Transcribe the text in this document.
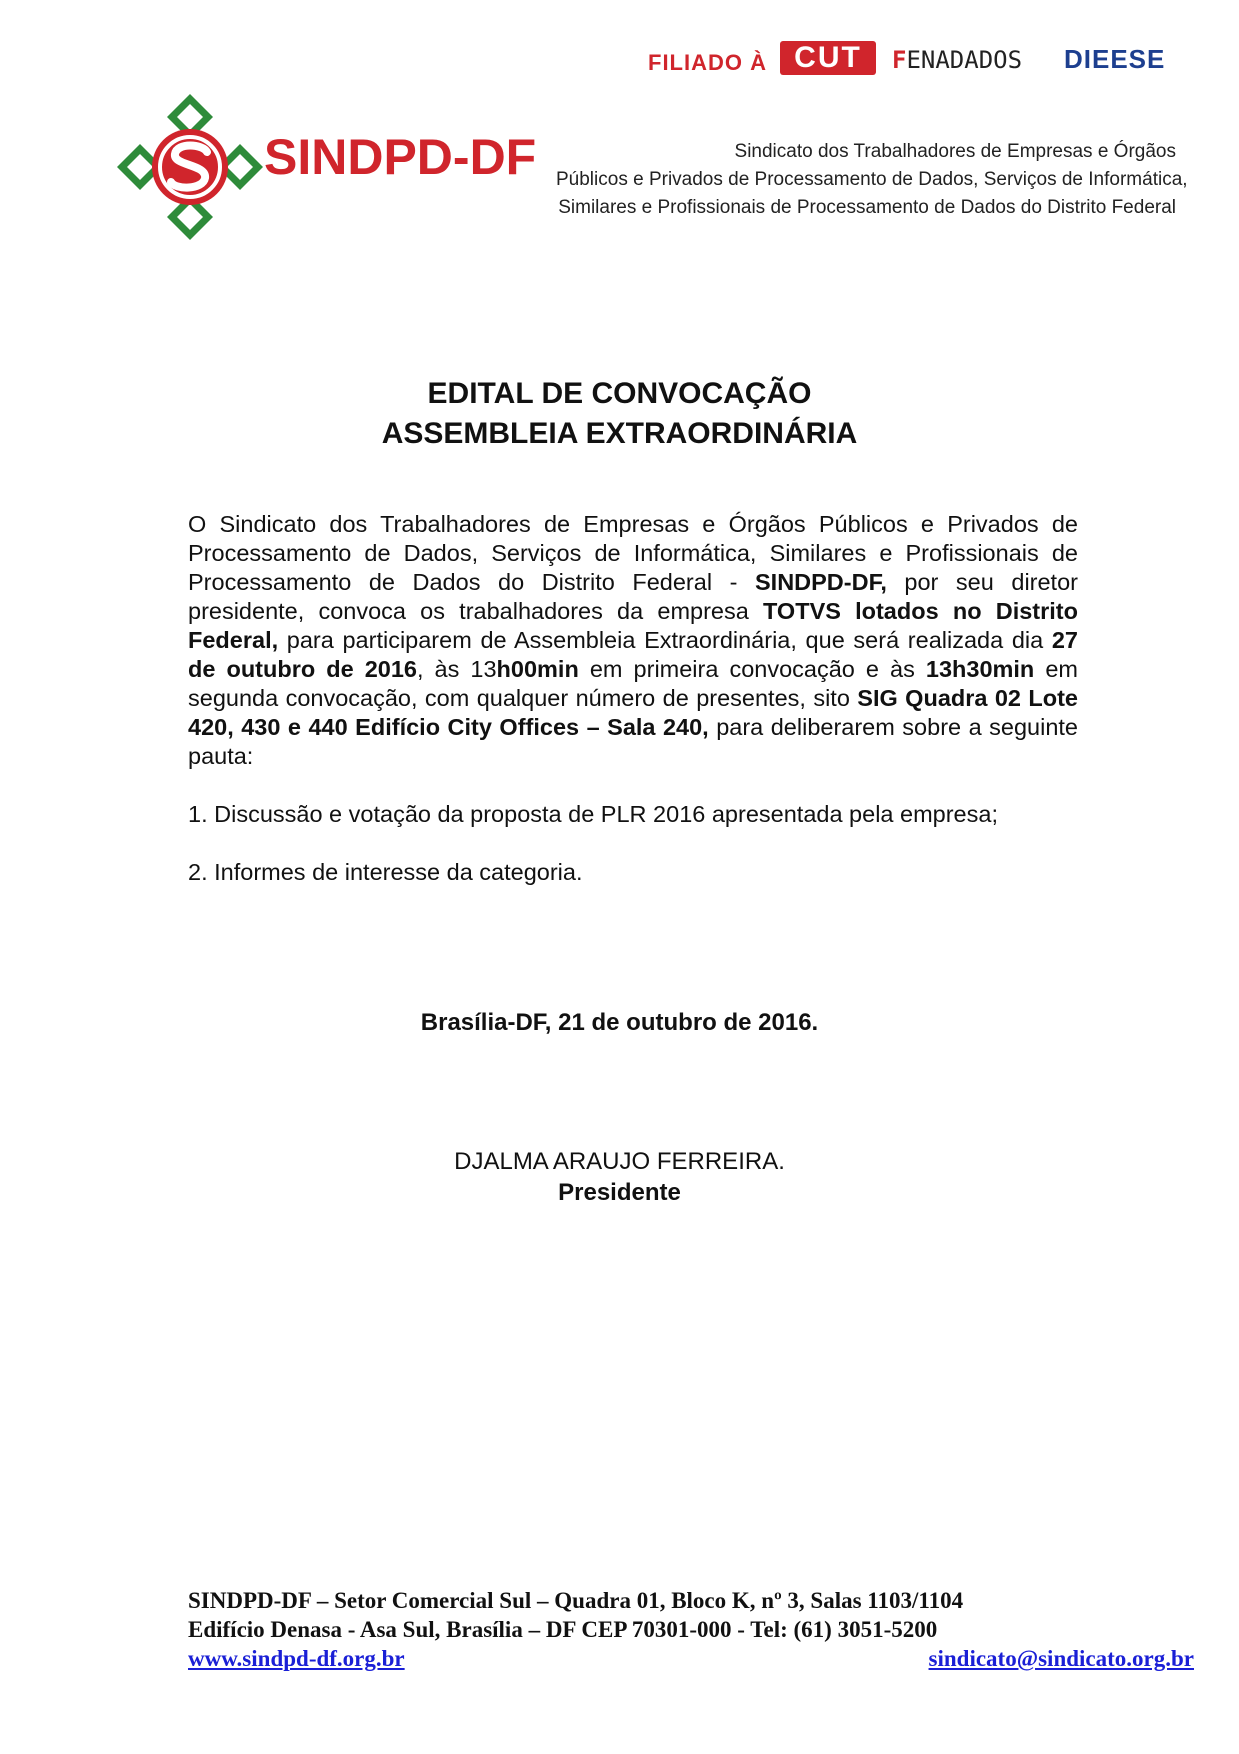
FILIADO À CUT	FENADADOS DIEESE
SINDPD-DF	Sindicato dos Trabalhadores de Empresas e Órgãos
Públicos e Privados de Processamento de Dados, Serviços de Informática,
Similares e Profissionais de Processamento de Dados do Distrito Federal
EDITAL DE CONVOCAÇÃO
ASSEMBLEIA EXTRAORDINÁRIA
O Sindicato dos Trabalhadores de Empresas e Órgãos Públicos e Privados de Processamento de Dados, Serviços de Informática, Similares e Profissionais de Processamento de Dados do Distrito Federal - SINDPD-DF, por seu diretor presidente, convoca os trabalhadores da empresa TOTVS lotados no Distrito Federal, para participarem de Assembleia Extraordinária, que será realizada dia 27 de outubro de 2016, às 13h00min em primeira convocação e às 13h30min em segunda convocação, com qualquer número de presentes, sito SIG Quadra 02 Lote 420, 430 e 440 Edifício City Offices – Sala 240, para deliberarem sobre a seguinte pauta:
1. Discussão e votação da proposta de PLR 2016 apresentada pela empresa;
2. Informes de interesse da categoria.
Brasília-DF, 21 de outubro de 2016.
DJALMA ARAUJO FERREIRA.
Presidente
SINDPD-DF – Setor Comercial Sul – Quadra 01, Bloco K, nº 3, Salas 1103/1104
Edifício Denasa - Asa Sul, Brasília – DF CEP 70301-000 - Tel: (61) 3051-5200
www.sindpd-df.org.br	sindicato@sindicato.org.br
